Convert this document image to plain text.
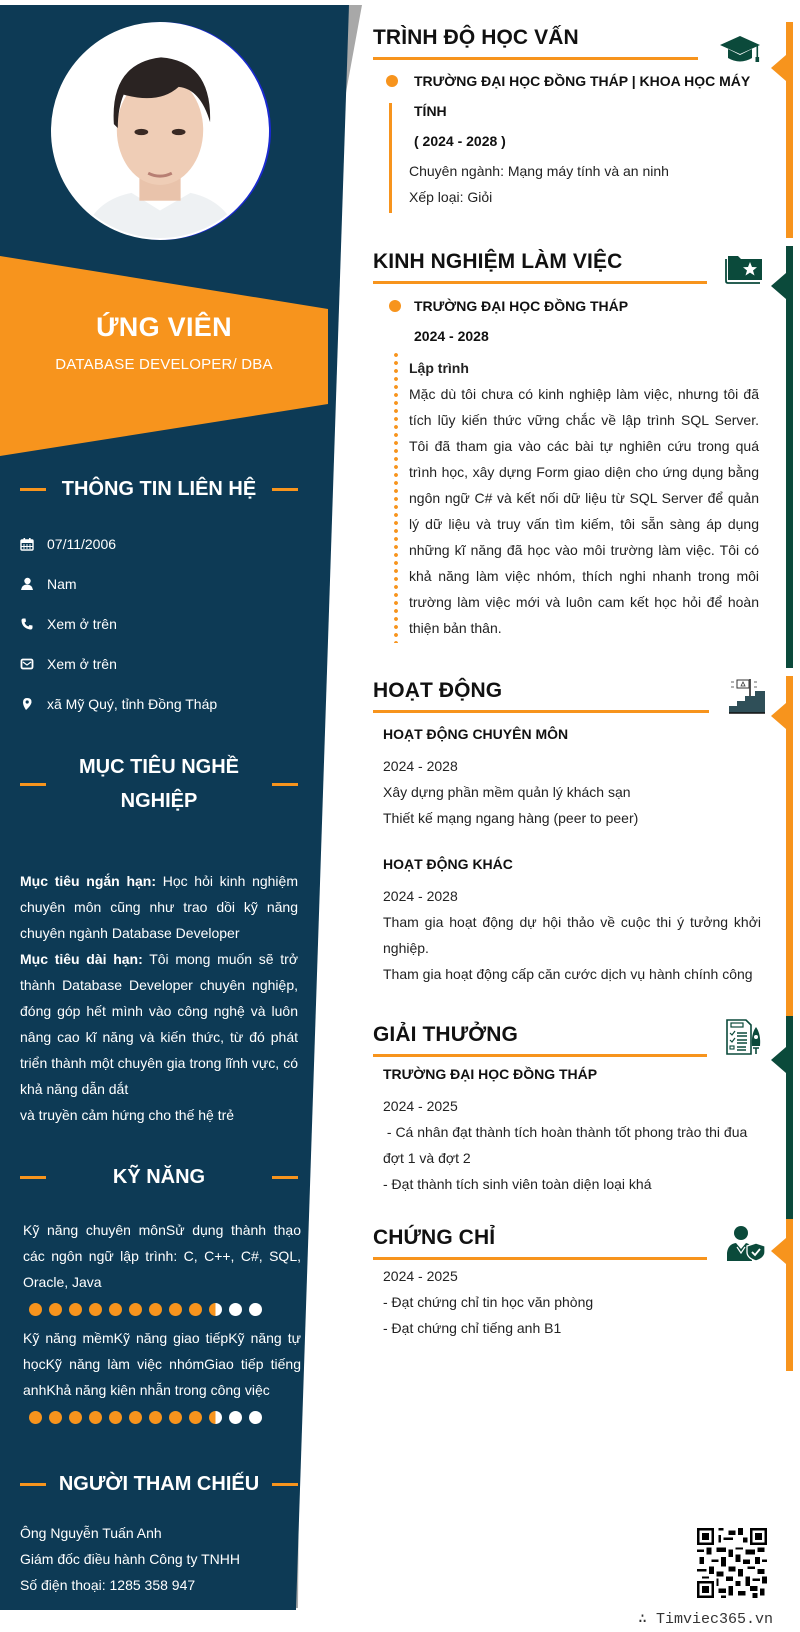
ỨNG VIÊN
DATABASE DEVELOPER/ DBA
THÔNG TIN LIÊN HỆ
07/11/2006
Nam
Xem ở trên
Xem ở trên
xã Mỹ Quý, tỉnh Đồng Tháp
MỤC TIÊU NGHỀ
NGHIỆP
Mục tiêu ngắn hạn: Học hỏi kinh nghiệm chuyên môn cũng như trao dồi kỹ năng chuyên ngành Database Developer
Mục tiêu dài hạn: Tôi mong muốn sẽ trở thành Database Developer chuyên nghiệp, đóng góp hết mình vào công nghệ và luôn nâng cao kĩ năng và kiến thức, từ đó phát triển thành một chuyên gia trong lĩnh vực, có khả năng dẫn dắt
và truyền cảm hứng cho thế hệ trẻ
KỸ NĂNG
Kỹ năng chuyên mônSử dụng thành thạo các ngôn ngữ lập trình: C, C++, C#, SQL, Oracle, Java
Kỹ năng mềmKỹ năng giao tiếpKỹ năng tự họcKỹ năng làm việc nhómGiao tiếp tiếng anhKhả năng kiên nhẫn trong công việc
NGƯỜI THAM CHIẾU
Ông Nguyễn Tuấn Anh
Giám đốc điều hành Công ty TNHH
Số điện thoại: 1285 358 947
TRÌNH ĐỘ HỌC VẤN
TRƯỜNG ĐẠI HỌC ĐỒNG THÁP | KHOA HỌC MÁY
TÍNH
( 2024 - 2028 )
Chuyên ngành: Mạng máy tính và an ninh
Xếp loại: Giỏi
KINH NGHIỆM LÀM VIỆC
TRƯỜNG ĐẠI HỌC ĐỒNG THÁP
2024 - 2028
Lập trình
Mặc dù tôi chưa có kinh nghiệp làm việc, nhưng tôi đã tích lũy kiến thức vững chắc về lập trình SQL Server. Tôi đã tham gia vào các bài tự nghiên cứu trong quá trình học, xây dựng Form giao diện cho ứng dụng bằng ngôn ngữ C# và kết nối dữ liệu từ SQL Server để quản lý dữ liệu và truy vấn tìm kiếm, tôi sẵn sàng áp dụng những kĩ năng đã học vào môi trường làm việc. Tôi có khả năng làm việc nhóm, thích nghi nhanh trong môi trường làm việc mới và luôn cam kết học hỏi để hoàn thiện bản thân.
HOẠT ĐỘNG
HOẠT ĐỘNG CHUYÊN MÔN
2024 - 2028
Xây dựng phần mềm quản lý khách sạn
Thiết kế mạng ngang hàng (peer to peer)
HOẠT ĐỘNG KHÁC
2024 - 2028
Tham gia hoạt động dự hội thảo về cuộc thi ý tưởng khởi nghiệp.
Tham gia hoạt động cấp căn cước dịch vụ hành chính công
GIẢI THƯỞNG
TRƯỜNG ĐẠI HỌC ĐỒNG THÁP
2024 - 2025
- Cá nhân đạt thành tích hoàn thành tốt phong trào thi đua đợt 1 và đợt 2
- Đạt thành tích sinh viên toàn diện loại khá
CHỨNG CHỈ
2024 - 2025
- Đạt chứng chỉ tin học văn phòng
- Đạt chứng chỉ tiếng anh B1
∴ Timviec365.vn
